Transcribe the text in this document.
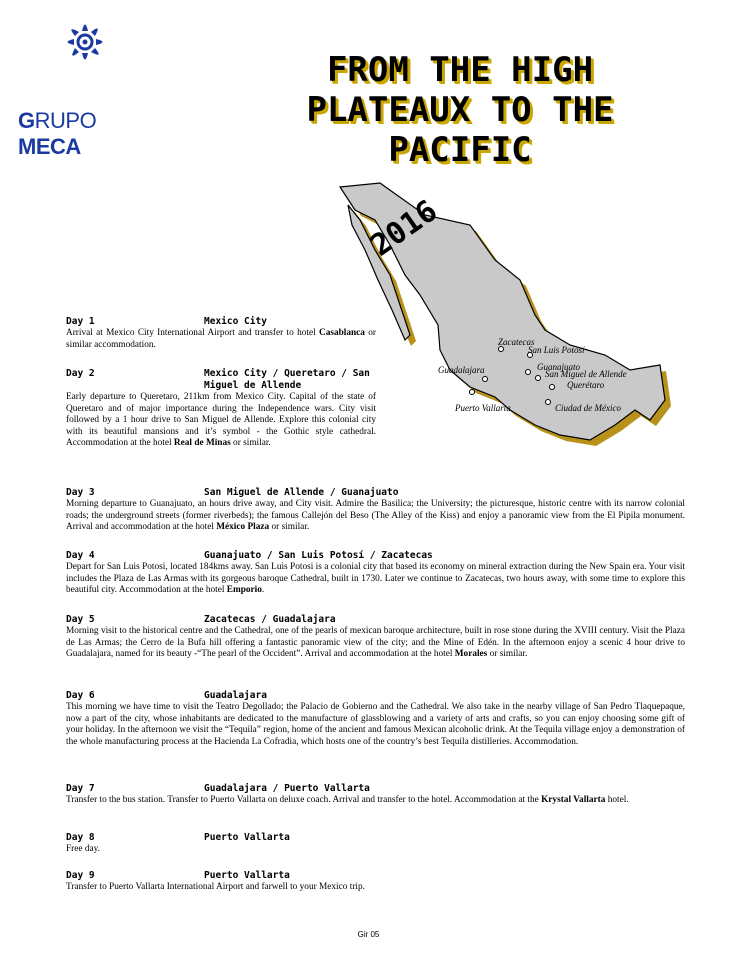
GRUPO MECA
FROM THE HIGH
PLATEAUX TO THE
PACIFIC
2016
Zacatecas
San Luis Potosí
Guanajuato
San Miguel de Allende
Querétaro
Guadalajara
Puerto Vallarta	Ciudad de México
Day 1	Mexico City
Arrival at Mexico City International Airport and transfer to hotel Casablanca or similar accommodation.
Day 2	Mexico City / Queretaro / San Miguel de Allende
Early departure to Queretaro, 211km from Mexico City. Capital of the state of Queretaro and of major importance during the Independence wars. City visit followed by a 1 hour drive to San Miguel de Allende. Explore this colonial city with its beautiful mansions and it’s symbol - the Gothic style cathedral. Accommodation at the hotel Real de Minas or similar.
Day 3	San Miguel de Allende / Guanajuato
Morning departure to Guanajuato, an hours drive away, and City visit. Admire the Basilica; the University; the picturesque, historic centre with its narrow colonial roads; the underground streets (former riverbeds); the famous Callejón del Beso (The Alley of the Kiss) and enjoy a panoramic view from the El Pipila monument. Arrival and accommodation at the hotel México Plaza or similar.
Day 4	Guanajuato / San Luis Potosí / Zacatecas
Depart for San Luis Potosi, located 184kms away. San Luis Potosi is a colonial city that based its economy on mineral extraction during the New Spain era. Your visit includes the Plaza de Las Armas with its gorgeous baroque Cathedral, built in 1730. Later we continue to Zacatecas, two hours away, with some time to explore this beautiful city. Accommodation at the hotel Emporio.
Day 5	Zacatecas / Guadalajara
Morning visit to the historical centre and the Cathedral, one of the pearls of mexican baroque architecture, built in rose stone during the XVIII century. Visit the Plaza de Las Armas; the Cerro de la Bufa hill offering a fantastic panoramic view of the city; and the Mine of Edén. In the afternoon enjoy a scenic 4 hour drive to Guadalajara, named for its beauty -“The pearl of the Occident”. Arrival and accommodation at the hotel Morales or similar.
Day 6	Guadalajara
This morning we have time to visit the Teatro Degollado; the Palacio de Gobierno and the Cathedral. We also take in the nearby village of San Pedro Tlaquepaque, now a part of the city, whose inhabitants are dedicated to the manufacture of glassblowing and a variety of arts and crafts, so you can enjoy choosing some gift of your holiday. In the afternoon we visit the “Tequila” region, home of the ancient and famous Mexican alcoholic drink. At the Tequila village enjoy a demonstration of the whole manufacturing process at the Hacienda La Cofradia, which hosts one of the country’s best Tequila distilleries. Accommodation.
Day 7	Guadalajara / Puerto Vallarta
Transfer to the bus station. Transfer to Puerto Vallarta on deluxe coach. Arrival and transfer to the hotel. Accommodation at the Krystal Vallarta hotel.
Day 8	Puerto Vallarta
Free day.
Day 9	Puerto Vallarta
Transfer to Puerto Vallarta International Airport and farwell to your Mexico trip.
Gir 05
